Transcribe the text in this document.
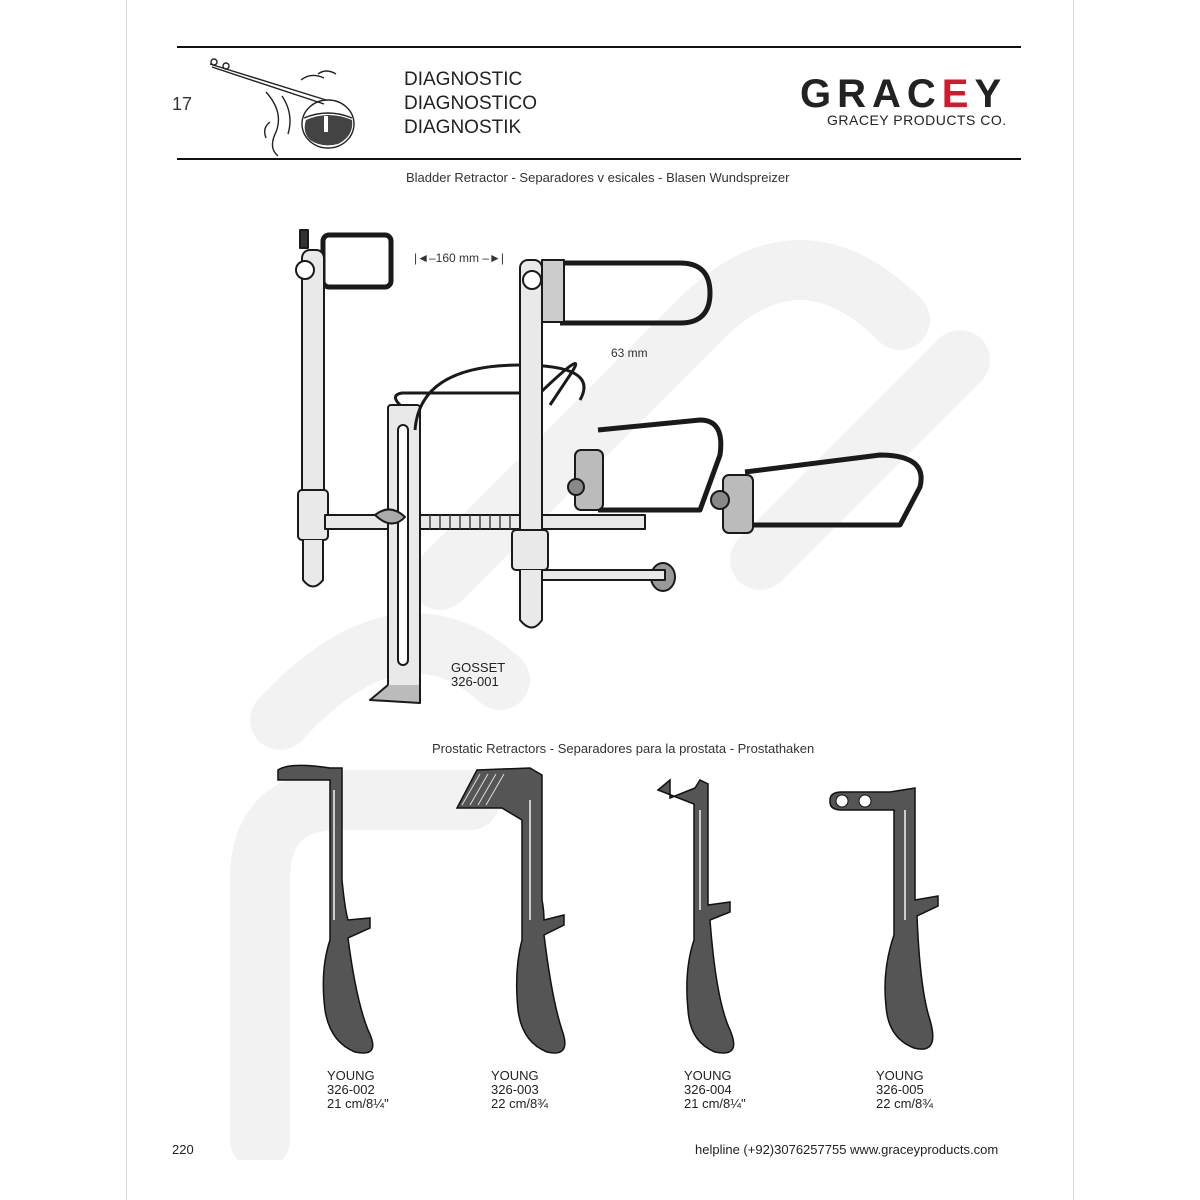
17
DIAGNOSTIC
DIAGNOSTICO
DIAGNOSTIK
GRACEY
GRACEY PRODUCTS CO.
Bladder Retractor - Separadores v esicales - Blasen Wundspreizer
|◄–160 mm –►|
63 mm
GOSSET
326-001
Prostatic Retractors - Separadores para la prostata - Prostathaken
YOUNG
326-002
21 cm/8¼"
YOUNG
326-003
22 cm/8¾
YOUNG
326-004
21 cm/8¼"
YOUNG
326-005
22 cm/8¾
220	helpline (+92)3076257755 www.graceyproducts.com
